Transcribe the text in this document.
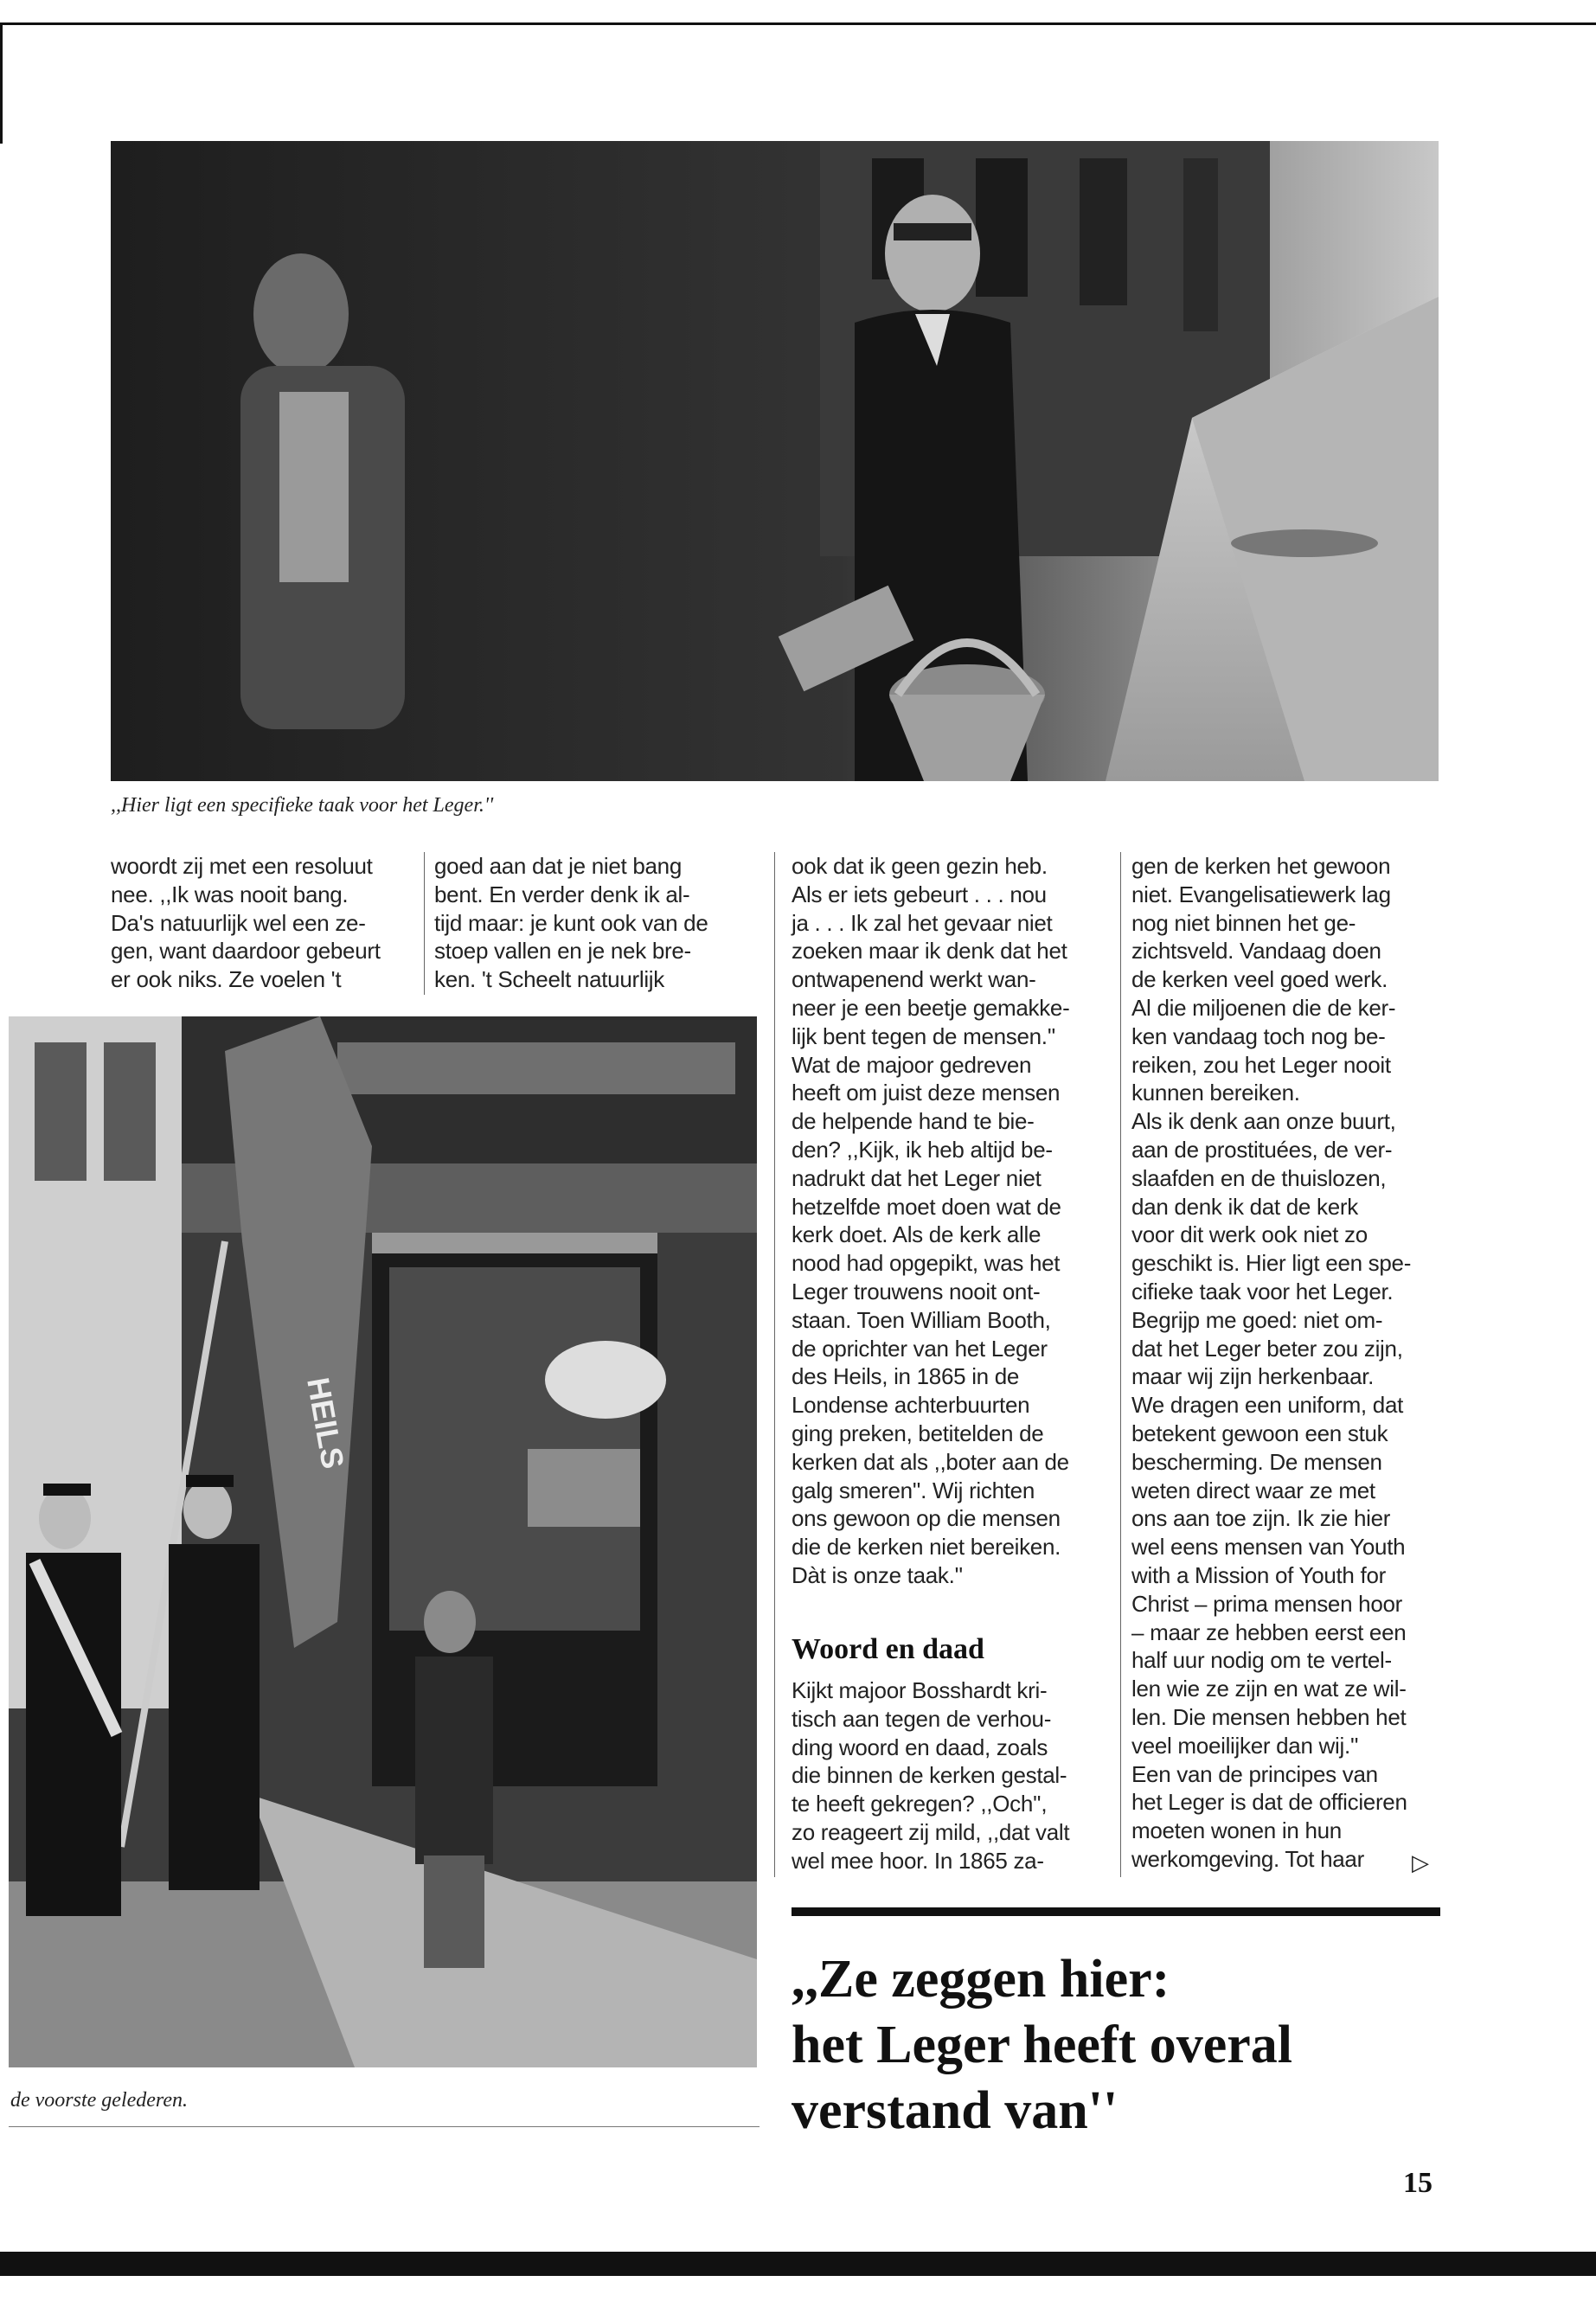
,,Hier ligt een specifieke taak voor het Leger.''
woordt zij met een resoluut
nee. ,,Ik was nooit bang.
Da's natuurlijk wel een ze-
gen, want daardoor gebeurt
er ook niks. Ze voelen 't
goed aan dat je niet bang
bent. En verder denk ik al-
tijd maar: je kunt ook van de
stoep vallen en je nek bre-
ken. 't Scheelt natuurlijk
ook dat ik geen gezin heb.
Als er iets gebeurt . . . nou
ja . . . Ik zal het gevaar niet
zoeken maar ik denk dat het
ontwapenend werkt wan-
neer je een beetje gemakke-
lijk bent tegen de mensen.''
Wat de majoor gedreven
heeft om juist deze mensen
de helpende hand te bie-
den? ,,Kijk, ik heb altijd be-
nadrukt dat het Leger niet
hetzelfde moet doen wat de
kerk doet. Als de kerk alle
nood had opgepikt, was het
Leger trouwens nooit ont-
staan. Toen William Booth,
de oprichter van het Leger
des Heils, in 1865 in de
Londense achterbuurten
ging preken, betitelden de
kerken dat als ,,boter aan de
galg smeren''. Wij richten
ons gewoon op die mensen
die de kerken niet bereiken.
Dàt is onze taak.''
Woord en daad
Kijkt majoor Bosshardt kri-
tisch aan tegen de verhou-
ding woord en daad, zoals
die binnen de kerken gestal-
te heeft gekregen? ,,Och'',
zo reageert zij mild, ,,dat valt
wel mee hoor. In 1865 za-
gen de kerken het gewoon
niet. Evangelisatiewerk lag
nog niet binnen het ge-
zichtsveld. Vandaag doen
de kerken veel goed werk.
Al die miljoenen die de ker-
ken vandaag toch nog be-
reiken, zou het Leger nooit
kunnen bereiken.
Als ik denk aan onze buurt,
aan de prostituées, de ver-
slaafden en de thuislozen,
dan denk ik dat de kerk
voor dit werk ook niet zo
geschikt is. Hier ligt een spe-
cifieke taak voor het Leger.
Begrijp me goed: niet om-
dat het Leger beter zou zijn,
maar wij zijn herkenbaar.
We dragen een uniform, dat
betekent gewoon een stuk
bescherming. De mensen
weten direct waar ze met
ons aan toe zijn. Ik zie hier
wel eens mensen van Youth
with a Mission of Youth for
Christ – prima mensen hoor
– maar ze hebben eerst een
half uur nodig om te vertel-
len wie ze zijn en wat ze wil-
len. Die mensen hebben het
veel moeilijker dan wij.''
Een van de principes van
het Leger is dat de officieren
moeten wonen in hun
werkomgeving. Tot haar	▷
HEILS
de voorste gelederen.
,,Ze zeggen hier:
het Leger heeft overal
verstand van''
15
